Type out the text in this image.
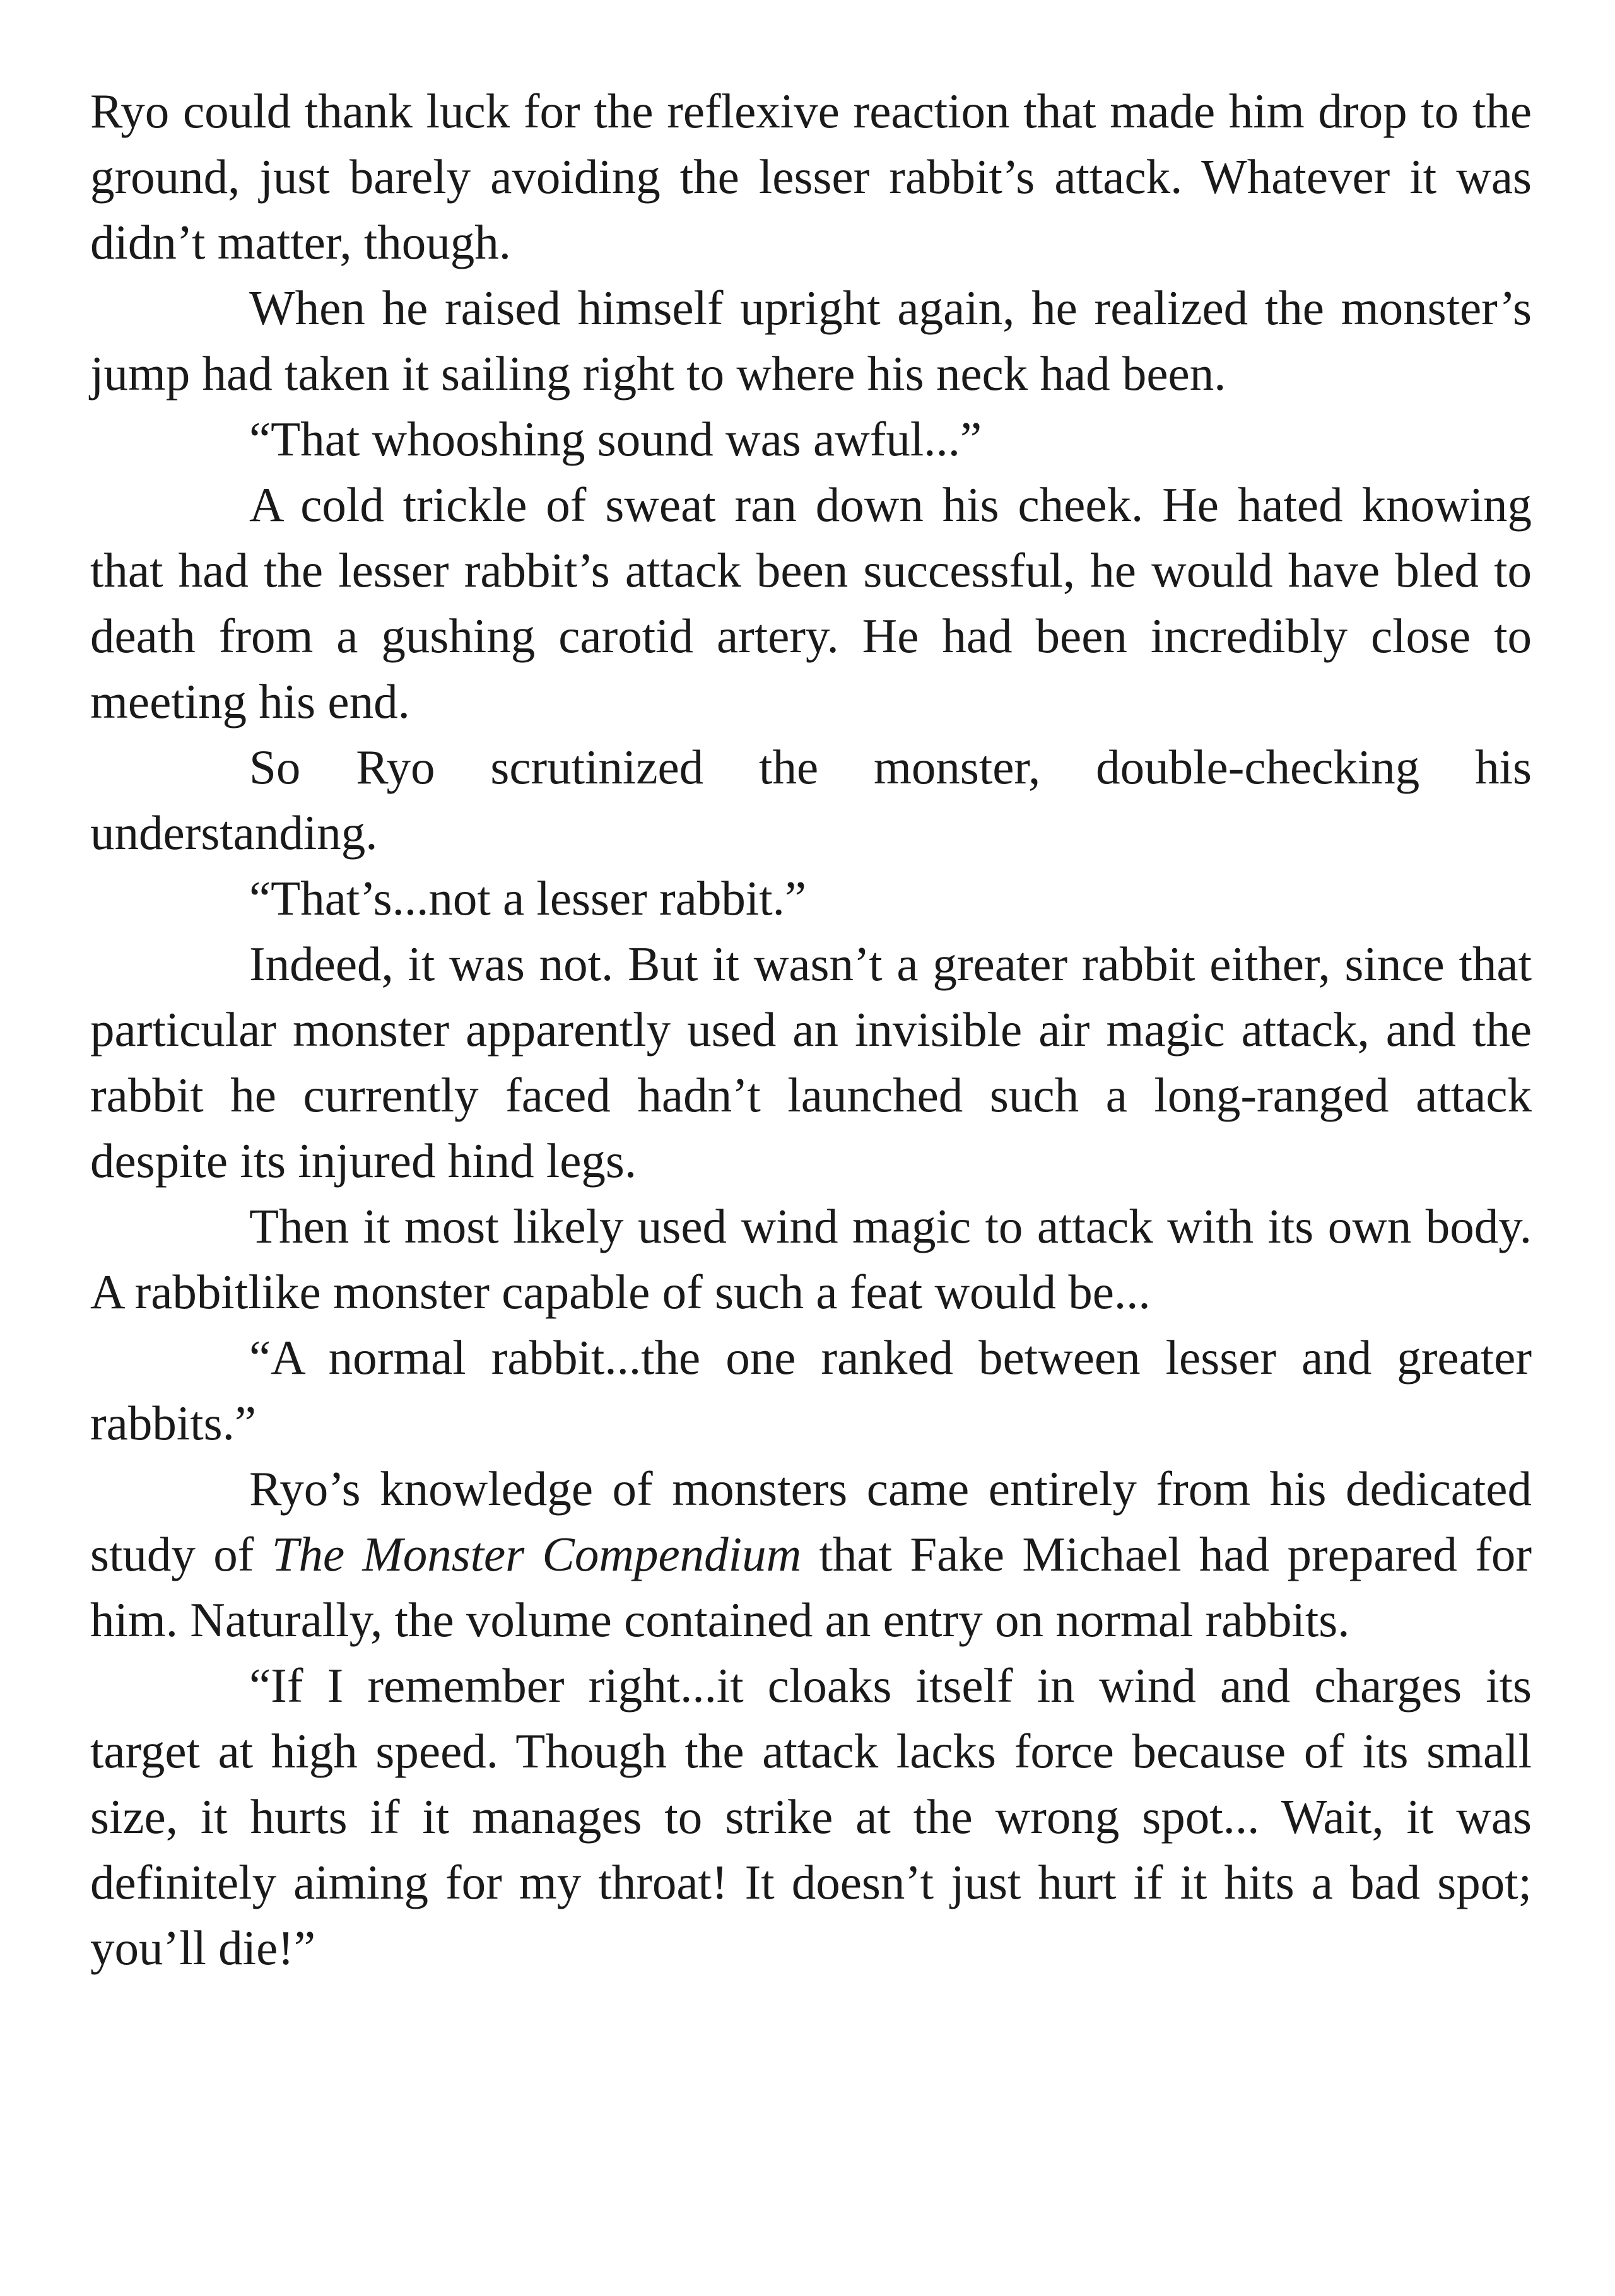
Ryo could thank luck for the reflexive reaction that made him drop to the ground, just barely avoiding the lesser rabbit’s attack. Whatever it was didn’t matter, though.

When he raised himself upright again, he realized the monster’s jump had taken it sailing right to where his neck had been.

“That whooshing sound was awful...”

A cold trickle of sweat ran down his cheek. He hated knowing that had the lesser rabbit’s attack been successful, he would have bled to death from a gushing carotid artery. He had been incredibly close to meeting his end.

So Ryo scrutinized the monster, double-checking his understanding.

“That’s...not a lesser rabbit.”

Indeed, it was not. But it wasn’t a greater rabbit either, since that particular monster apparently used an invisible air magic attack, and the rabbit he currently faced hadn’t launched such a long-ranged attack despite its injured hind legs.

Then it most likely used wind magic to attack with its own body. A rabbitlike monster capable of such a feat would be...

“A normal rabbit...the one ranked between lesser and greater rabbits.”

Ryo’s knowledge of monsters came entirely from his dedicated study of The Monster Compendium that Fake Michael had prepared for him. Naturally, the volume contained an entry on normal rabbits.

“If I remember right...it cloaks itself in wind and charges its target at high speed. Though the attack lacks force because of its small size, it hurts if it manages to strike at the wrong spot... Wait, it was definitely aiming for my throat! It doesn’t just hurt if it hits a bad spot; you’ll die!”
